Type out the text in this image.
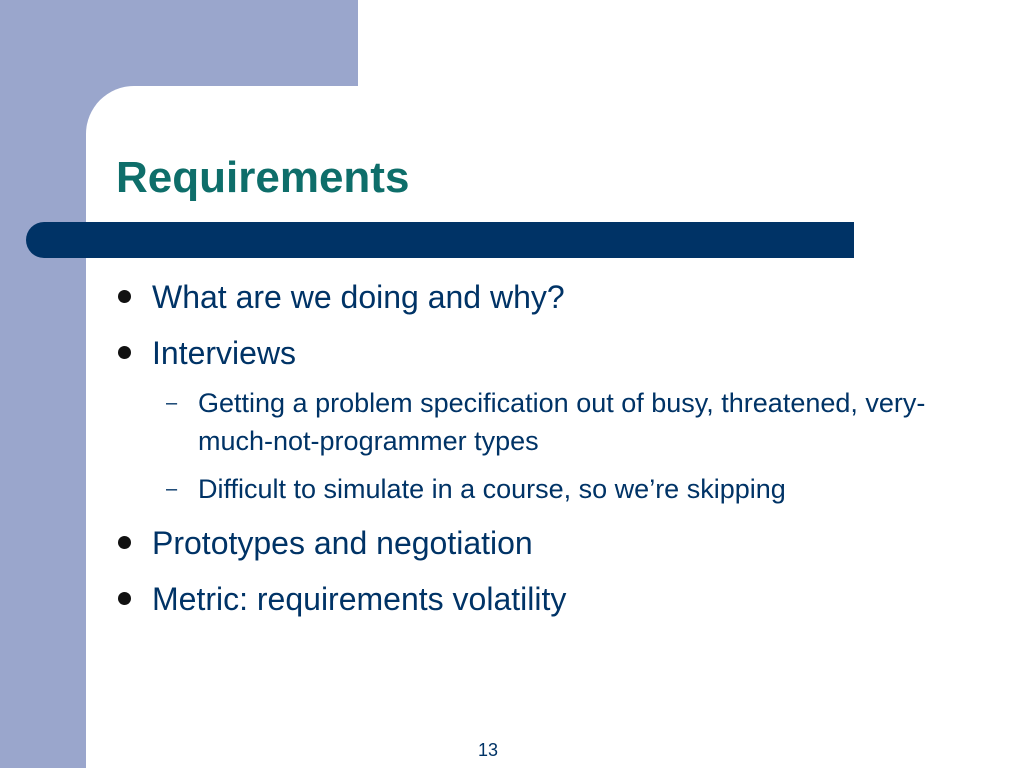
Requirements
What are we doing and why?
Interviews
– Getting a problem specification out of busy, threatened, very-much-not-programmer types
– Difficult to simulate in a course, so we’re skipping
Prototypes and negotiation
Metric: requirements volatility
13
